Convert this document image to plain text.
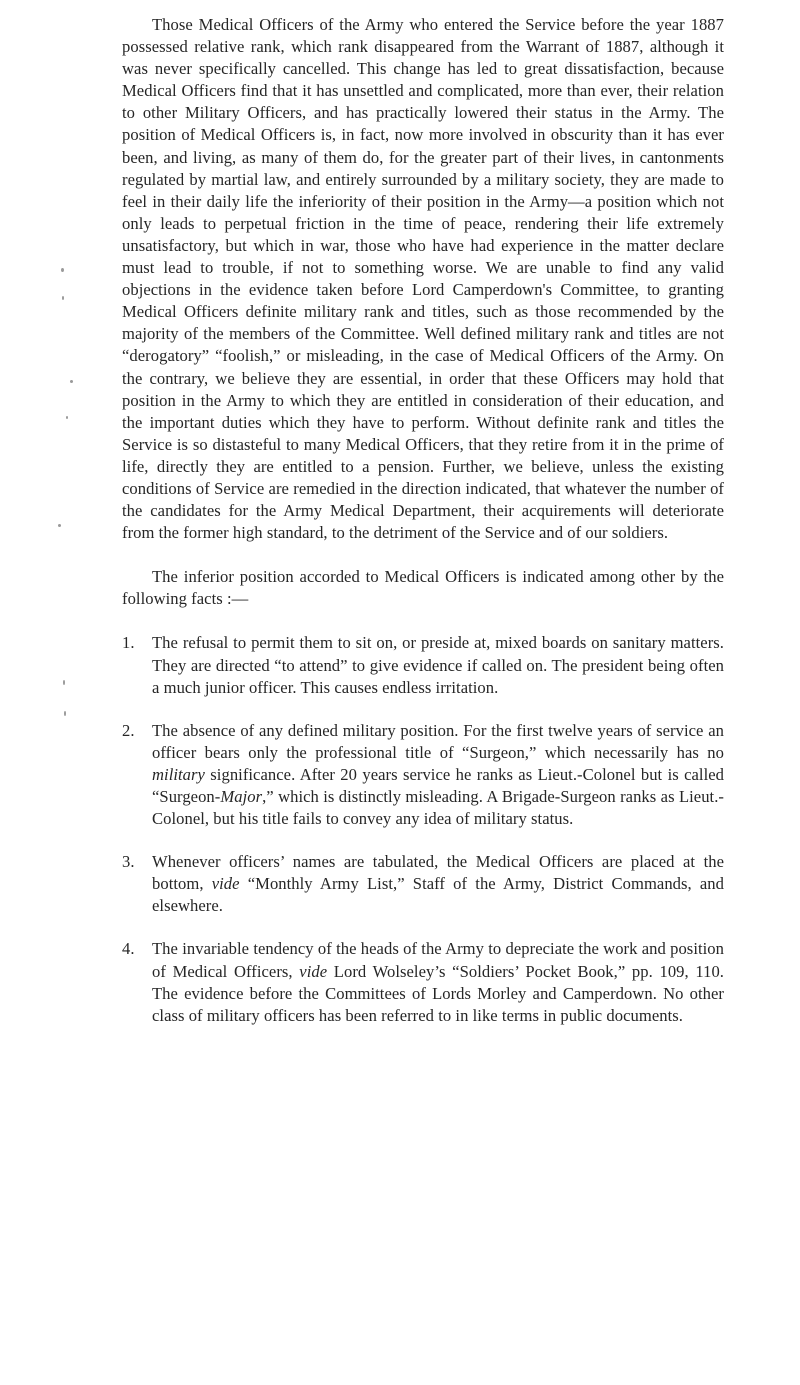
Those Medical Officers of the Army who entered the Service before the year 1887 possessed relative rank, which rank disappeared from the Warrant of 1887, although it was never specifically cancelled. This change has led to great dissatisfaction, because Medical Officers find that it has unsettled and complicated, more than ever, their relation to other Military Officers, and has practically lowered their status in the Army. The position of Medical Officers is, in fact, now more involved in obscurity than it has ever been, and living, as many of them do, for the greater part of their lives, in cantonments regulated by martial law, and entirely surrounded by a military society, they are made to feel in their daily life the inferiority of their position in the Army—a position which not only leads to perpetual friction in the time of peace, rendering their life extremely unsatisfactory, but which in war, those who have had experience in the matter declare must lead to trouble, if not to something worse. We are unable to find any valid objections in the evidence taken before Lord Camperdown's Committee, to granting Medical Officers definite military rank and titles, such as those recommended by the majority of the members of the Committee. Well defined military rank and titles are not “derogatory” “foolish,” or misleading, in the case of Medical Officers of the Army. On the contrary, we believe they are essential, in order that these Officers may hold that position in the Army to which they are entitled in consideration of their education, and the important duties which they have to perform. Without definite rank and titles the Service is so distasteful to many Medical Officers, that they retire from it in the prime of life, directly they are entitled to a pension. Further, we believe, unless the existing conditions of Service are remedied in the direction indicated, that whatever the number of the candidates for the Army Medical Department, their acquirements will deteriorate from the former high standard, to the detriment of the Service and of our soldiers.

The inferior position accorded to Medical Officers is indicated among other by the following facts :—

1. The refusal to permit them to sit on, or preside at, mixed boards on sanitary matters. They are directed “to attend” to give evidence if called on. The president being often a much junior officer. This causes endless irritation.
2. The absence of any defined military position. For the first twelve years of service an officer bears only the professional title of “Surgeon,” which necessarily has no military significance. After 20 years service he ranks as Lieut.-Colonel but is called “Surgeon-Major,” which is distinctly misleading. A Brigade-Surgeon ranks as Lieut.-Colonel, but his title fails to convey any idea of military status.
3. Whenever officers’ names are tabulated, the Medical Officers are placed at the bottom, vide “Monthly Army List,” Staff of the Army, District Commands, and elsewhere.
4. The invariable tendency of the heads of the Army to depreciate the work and position of Medical Officers, vide Lord Wolseley’s “Soldiers’ Pocket Book,” pp. 109, 110. The evidence before the Committees of Lords Morley and Camperdown. No other class of military officers has been referred to in like terms in public documents.
